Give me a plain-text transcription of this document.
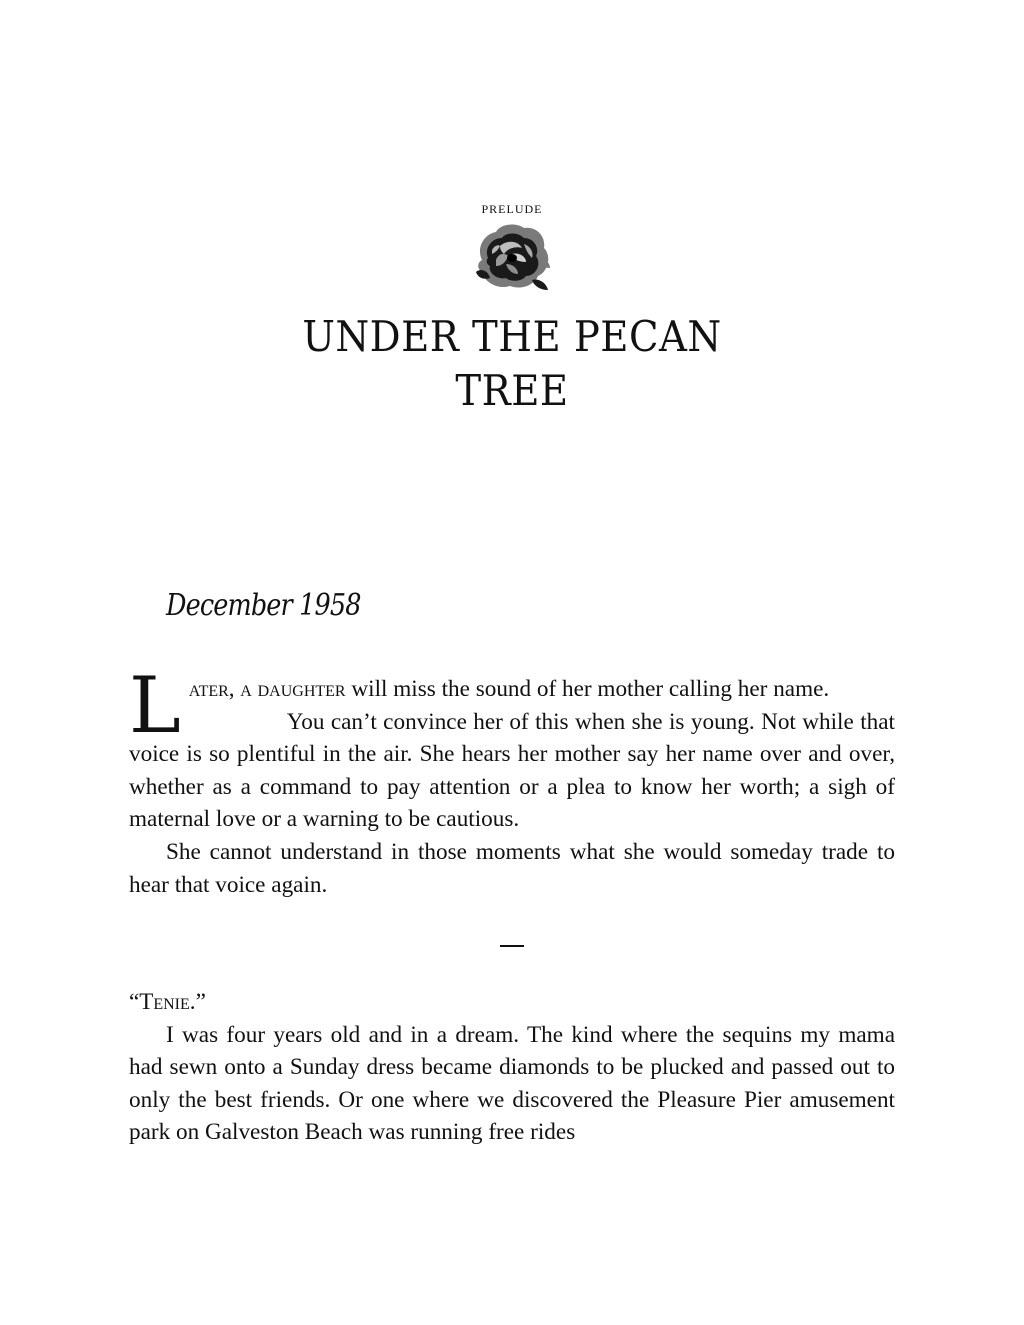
PRELUDE
UNDER THE PECAN
TREE
December 1958

Later, a daughter will miss the sound of her mother calling her name.

You can’t convince her of this when she is young. Not while that voice is so plentiful in the air. She hears her mother say her name over and over, whether as a command to pay attention or a plea to know her worth; a sigh of maternal love or a warning to be cautious.

She cannot understand in those moments what she would someday trade to hear that voice again.

“Tenie.”

I was four years old and in a dream. The kind where the sequins my mama had sewn onto a Sunday dress became diamonds to be plucked and passed out to only the best friends. Or one where we discovered the Pleasure Pier amusement park on Galveston Beach was running free rides
